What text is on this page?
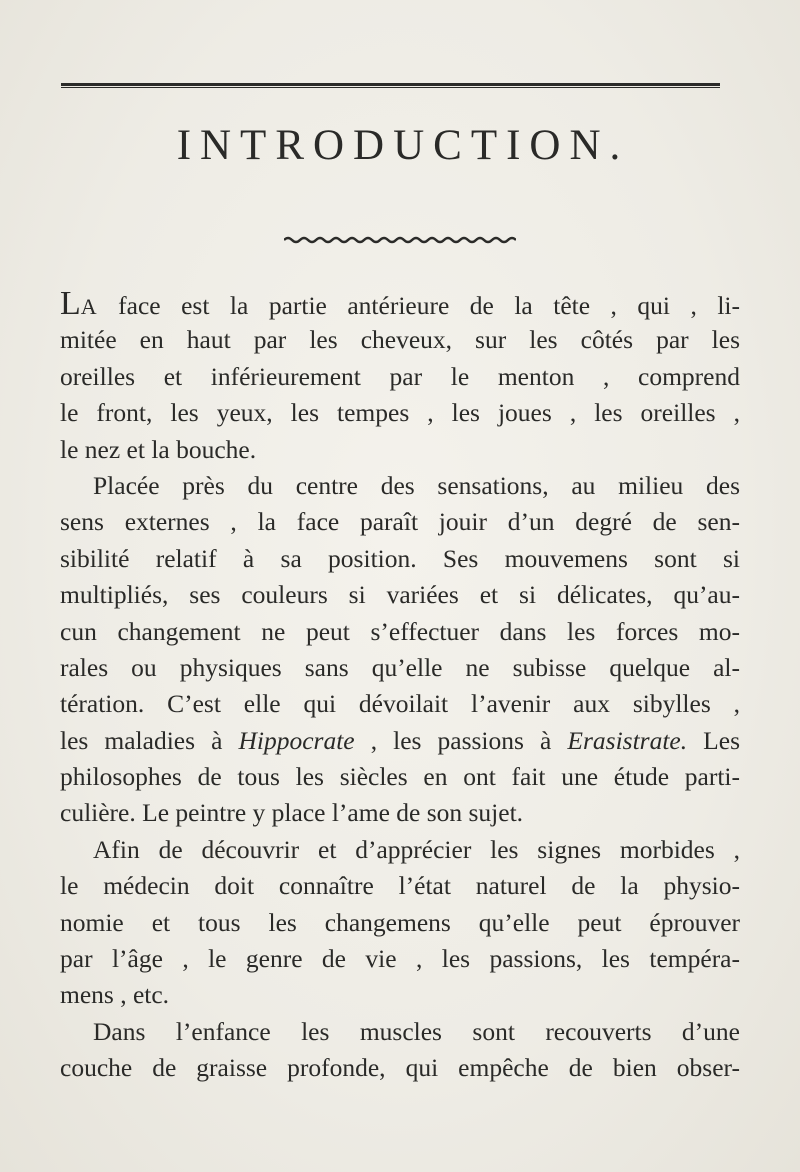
INTRODUCTION.
LA face est la partie antérieure de la tête , qui , li-
mitée en haut par les cheveux, sur les côtés par les
oreilles et inférieurement par le menton , comprend
le front, les yeux, les tempes , les joues , les oreilles ,
le nez et la bouche.
Placée près du centre des sensations, au milieu des
sens externes , la face paraît jouir d’un degré de sen-
sibilité relatif à sa position. Ses mouvemens sont si
multipliés, ses couleurs si variées et si délicates, qu’au-
cun changement ne peut s’effectuer dans les forces mo-
rales ou physiques sans qu’elle ne subisse quelque al-
tération. C’est elle qui dévoilait l’avenir aux sibylles ,
les maladies à Hippocrate , les passions à Erasistrate. Les
philosophes de tous les siècles en ont fait une étude parti-
culière. Le peintre y place l’ame de son sujet.
Afin de découvrir et d’apprécier les signes morbides ,
le médecin doit connaître l’état naturel de la physio-
nomie et tous les changemens qu’elle peut éprouver
par l’âge , le genre de vie , les passions, les tempéra-
mens , etc.
Dans l’enfance les muscles sont recouverts d’une
couche de graisse profonde, qui empêche de bien obser-
